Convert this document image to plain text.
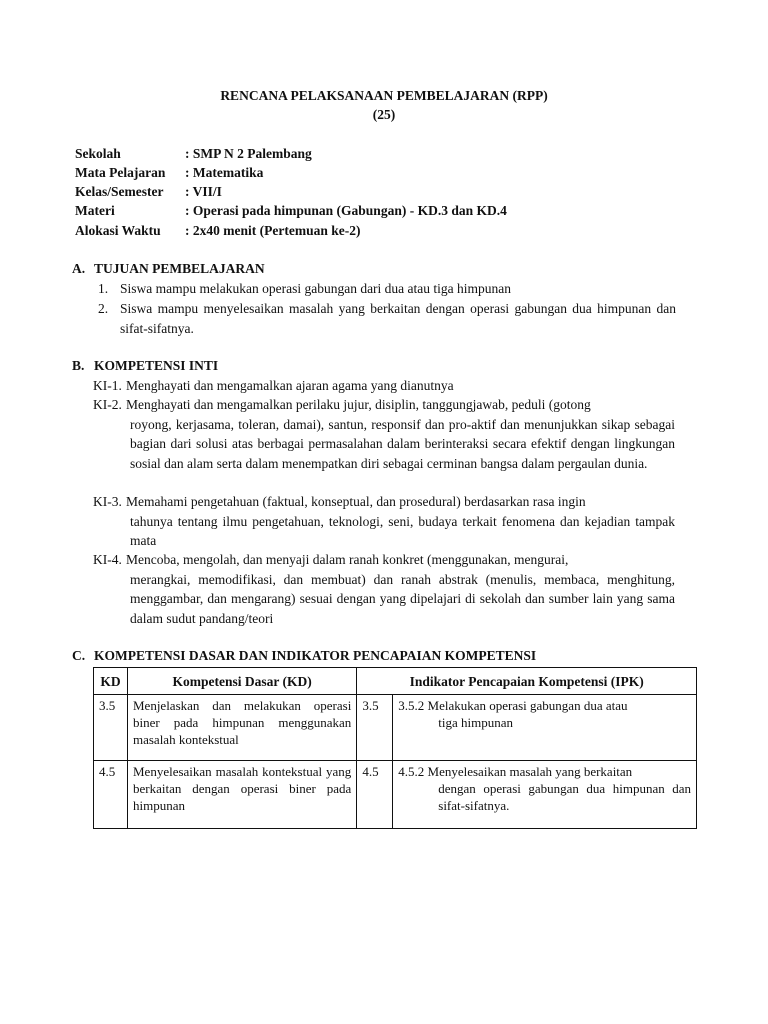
RENCANA PELAKSANAAN PEMBELAJARAN (RPP)
(25)
Sekolah	: SMP N 2 Palembang
Mata Pelajaran : Matematika
Kelas/Semester : VII/I
Materi	: Operasi pada himpunan (Gabungan) - KD.3 dan KD.4
Alokasi Waktu : 2x40 menit (Pertemuan ke-2)
A. TUJUAN PEMBELAJARAN
1. Siswa mampu melakukan operasi gabungan dari dua atau tiga himpunan
2. Siswa mampu menyelesaikan masalah yang berkaitan dengan operasi gabungan dua himpunan dan sifat-sifatnya.
B. KOMPETENSI INTI
KI-1. Menghayati dan mengamalkan ajaran agama yang dianutnya
KI-2. Menghayati dan mengamalkan perilaku jujur, disiplin, tanggungjawab, peduli (gotong
royong, kerjasama, toleran, damai), santun, responsif dan pro-aktif dan menunjukkan sikap sebagai bagian dari solusi atas berbagai permasalahan dalam berinteraksi secara efektif dengan lingkungan sosial dan alam serta dalam menempatkan diri sebagai cerminan bangsa dalam pergaulan dunia.
KI-3. Memahami pengetahuan (faktual, konseptual, dan prosedural) berdasarkan rasa ingin
tahunya tentang ilmu pengetahuan, teknologi, seni, budaya terkait fenomena dan kejadian tampak mata
KI-4. Mencoba, mengolah, dan menyaji dalam ranah konkret (menggunakan, mengurai,
merangkai, memodifikasi, dan membuat) dan ranah abstrak (menulis, membaca, menghitung, menggambar, dan mengarang) sesuai dengan yang dipelajari di sekolah dan sumber lain yang sama dalam sudut pandang/teori
C. KOMPETENSI DASAR DAN INDIKATOR PENCAPAIAN KOMPETENSI
KD	Kompetensi Dasar (KD)	Indikator Pencapaian Kompetensi (IPK)	
3.5	Menjelaskan dan melakukan operasi biner pada himpunan menggunakan masalah kontekstual	3.5	3.5.2 Melakukan operasi gabungan dua atau
tiga himpunan

4.5	Menyelesaikan masalah kontekstual yang berkaitan dengan operasi biner pada himpunan	4.5	4.5.2 Menyelesaikan masalah yang berkaitan
dengan operasi gabungan dua himpunan dan sifat-sifatnya.
